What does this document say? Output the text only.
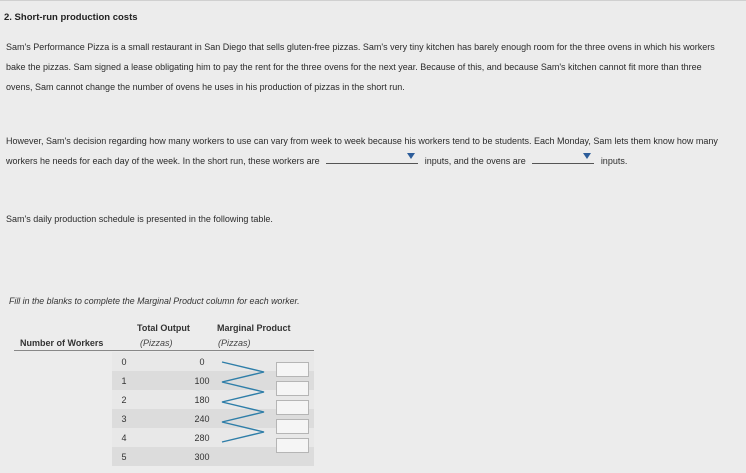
2. Short-run production costs
Sam's Performance Pizza is a small restaurant in San Diego that sells gluten-free pizzas. Sam's very tiny kitchen has barely enough room for the three ovens in which his workers bake the pizzas. Sam signed a lease obligating him to pay the rent for the three ovens for the next year. Because of this, and because Sam's kitchen cannot fit more than three ovens, Sam cannot change the number of ovens he uses in his production of pizzas in the short run.
However, Sam's decision regarding how many workers to use can vary from week to week because his workers tend to be students. Each Monday, Sam lets them know how many workers he needs for each day of the week. In the short run, these workers are	inputs, and the ovens are	inputs.
Sam's daily production schedule is presented in the following table.
Fill in the blanks to complete the Marginal Product column for each worker.
Total Output
(Pizzas)
Number of Workers
Marginal Product
(Pizzas)
0	0
1	100
2	180
3	240
4	280
5	300
